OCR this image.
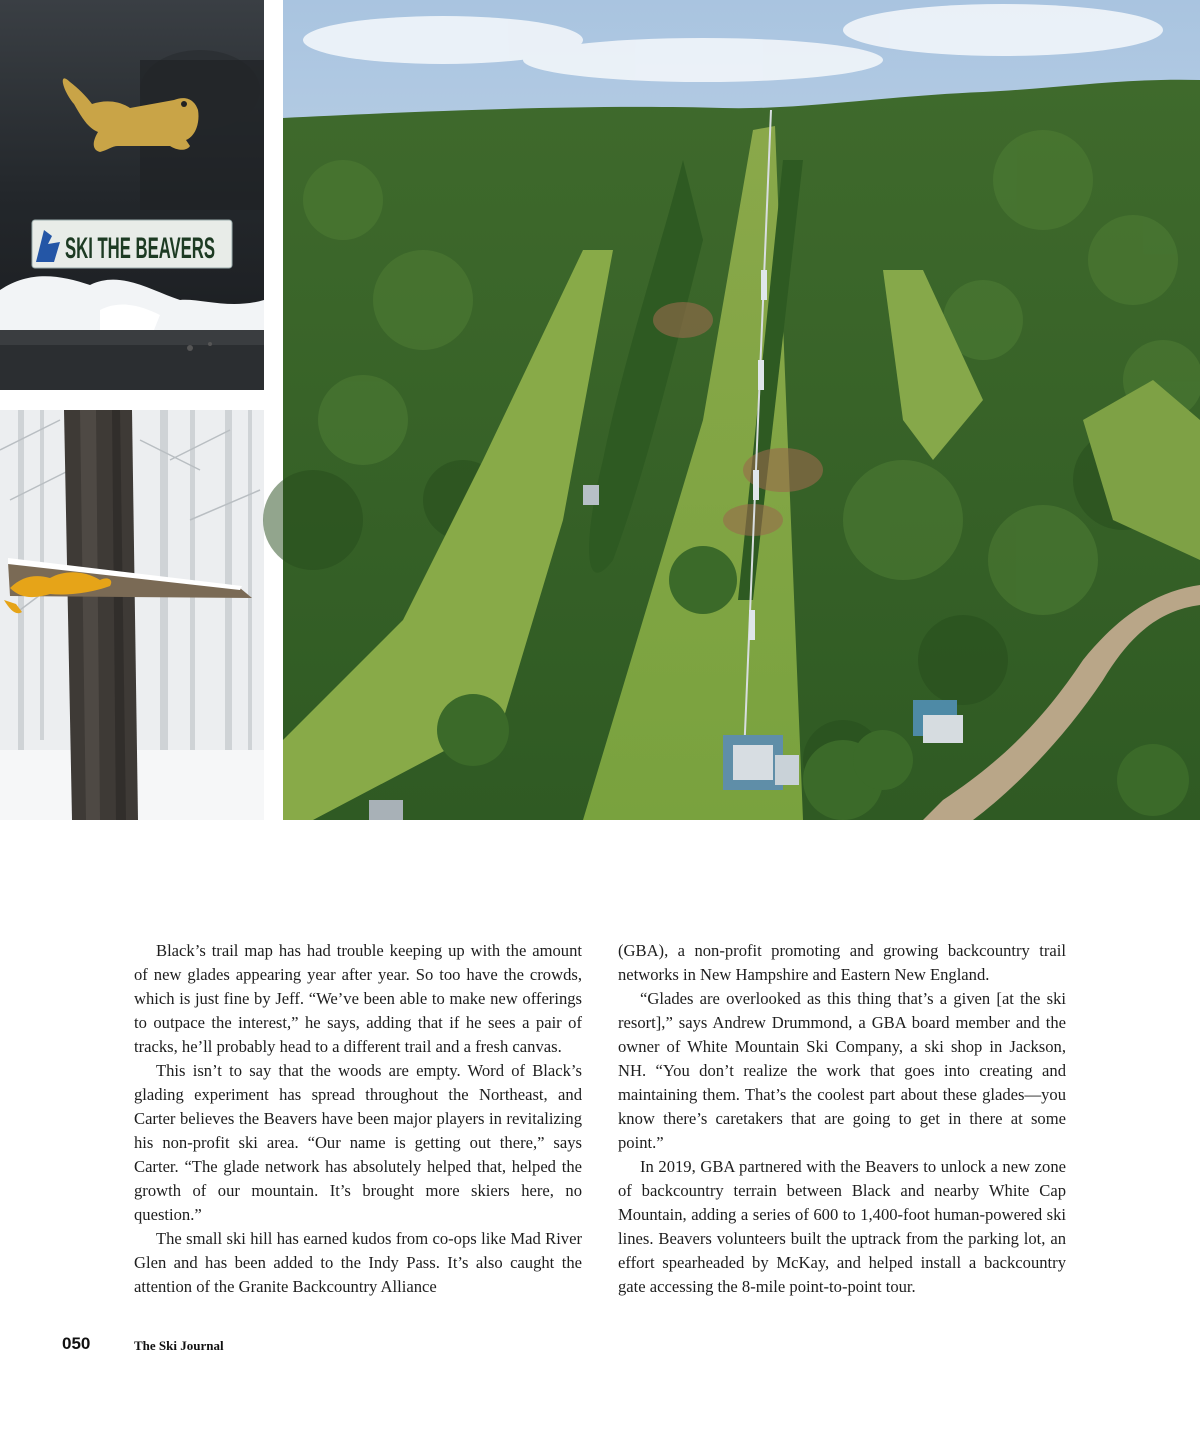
SKI THE BEAVERS

Black’s trail map has had trouble keeping up with the amount of new glades appearing year after year. So too have the crowds, which is just fine by Jeff. “We’ve been able to make new offerings to outpace the interest,” he says, adding that if he sees a pair of tracks, he’ll probably head to a different trail and a fresh canvas.

This isn’t to say that the woods are empty. Word of Black’s glading experiment has spread throughout the Northeast, and Carter believes the Beavers have been major players in revitalizing his non-profit ski area. “Our name is getting out there,” says Carter. “The glade network has absolutely helped that, helped the growth of our mountain. It’s brought more skiers here, no question.”

The small ski hill has earned kudos from co-ops like Mad River Glen and has been added to the Indy Pass. It’s also caught the attention of the Granite Backcountry Alliance

(GBA), a non-profit promoting and growing backcountry trail networks in New Hampshire and Eastern New England.

“Glades are overlooked as this thing that’s a given [at the ski resort],” says Andrew Drummond, a GBA board member and the owner of White Mountain Ski Company, a ski shop in Jackson, NH. “You don’t realize the work that goes into creating and maintaining them. That’s the coolest part about these glades—you know there’s caretakers that are going to get in there at some point.”

In 2019, GBA partnered with the Beavers to unlock a new zone of backcountry terrain between Black and nearby White Cap Mountain, adding a series of 600 to 1,400-foot human-powered ski lines. Beavers volunteers built the uptrack from the parking lot, an effort spearheaded by McKay, and helped install a backcountry gate accessing the 8-mile point-to-point tour.

050	The Ski Journal
